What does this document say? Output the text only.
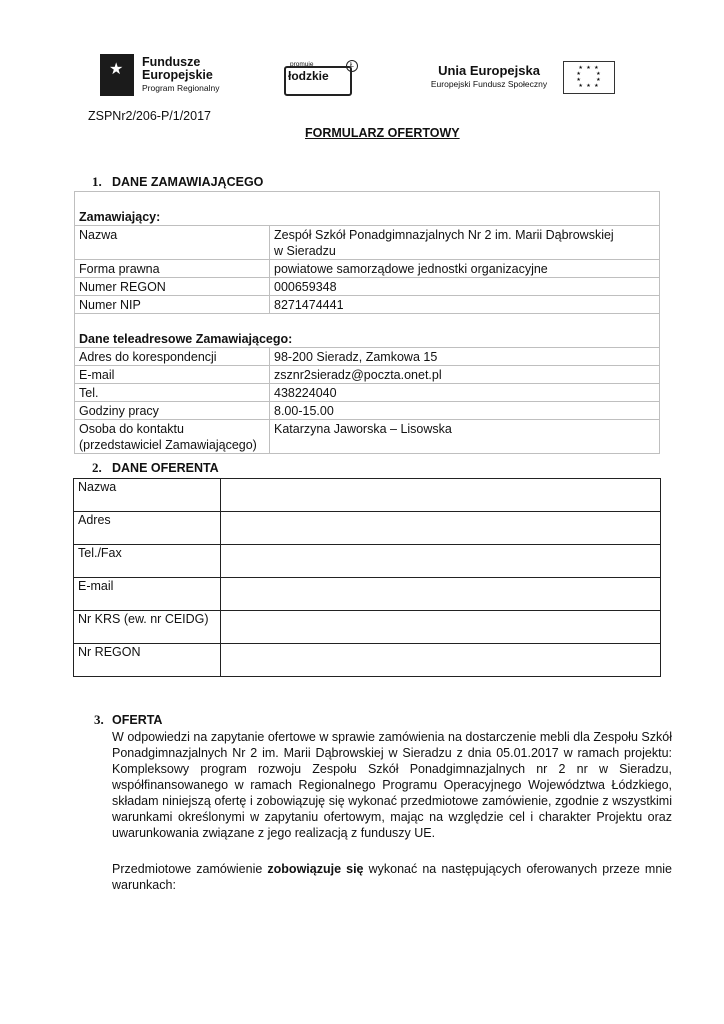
★ Fundusze
Europejskie
Program Regionalny
promuje
łodzkie
Ł	Unia Europejska
Europejski Fundusz Społeczny
★ ★ ★
★      ★
★      ★
★ ★ ★
ZSPNr2/206-P/1/2017
FORMULARZ OFERTOWY
1. DANE ZAMAWIAJĄCEGO
Zamawiający:	
Nazwa	Zespół Szkół Ponadgimnazjalnych Nr 2 im. Marii Dąbrowskiej
w Sieradzu
Forma prawna	powiatowe samorządowe jednostki organizacyjne
Numer REGON	000659348
Numer NIP	8271474441
Dane teleadresowe Zamawiającego:	
Adres do korespondencji	98-200 Sieradz, Zamkowa 15
E-mail	zsznr2sieradz@poczta.onet.pl
Tel.	438224040
Godziny pracy	8.00-15.00
Osoba do kontaktu
(przedstawiciel Zamawiającego)	Katarzyna Jaworska – Lisowska
2. DANE OFERENTA
Nazwa	
Adres	
Tel./Fax	
E-mail	
Nr KRS (ew. nr CEIDG)	
Nr REGON	
3. OFERTA
W odpowiedzi na zapytanie ofertowe w sprawie zamówienia na dostarczenie mebli dla Zespołu Szkół Ponadgimnazjalnych Nr 2 im. Marii Dąbrowskiej w Sieradzu z dnia 05.01.2017 w ramach projektu: Kompleksowy program rozwoju Zespołu Szkół Ponadgimnazjalnych nr 2 nr w Sieradzu, współfinansowanego w ramach Regionalnego Programu Operacyjnego Województwa Łódzkiego, składam niniejszą ofertę i zobowiązuję się wykonać przedmiotowe zamówienie, zgodnie z wszystkimi warunkami określonymi w zapytaniu ofertowym, mając na względzie cel i charakter Projektu oraz uwarunkowania związane z jego realizacją z funduszy UE.
Przedmiotowe zamówienie zobowiązuje się wykonać na następujących oferowanych przeze mnie warunkach:
